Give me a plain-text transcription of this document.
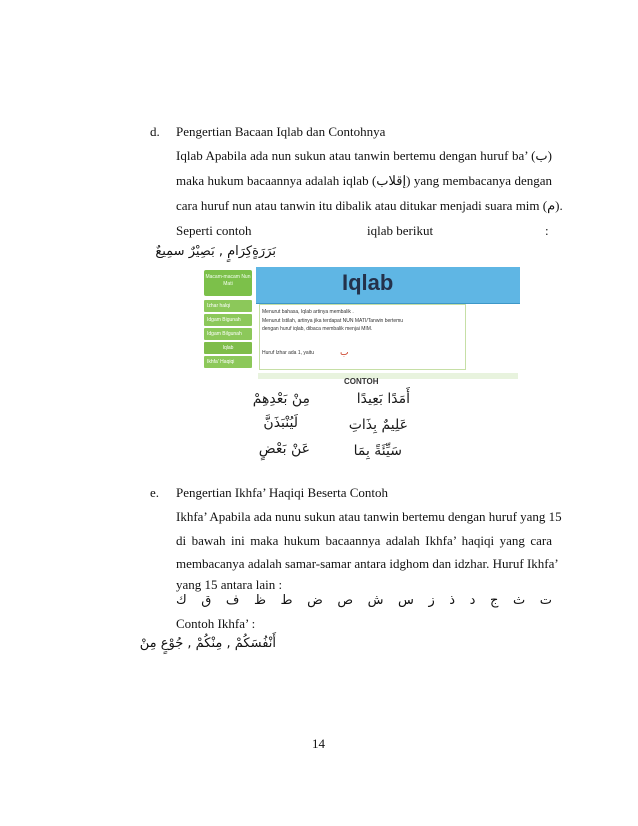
d. Pengertian Bacaan Iqlab dan Contohnya
Iqlab Apabila ada nun sukun atau tanwin bertemu dengan huruf ba’ (ب)
maka hukum bacaannya adalah iqlab (إقلاب) yang membacanya dengan
cara huruf nun atau tanwin itu dibalik atau ditukar menjadi suara mim (م).
Seperti contoh	iqlab berikut	:
بَرَرَةٍكِرَامٍ , بَصِيْرٌ سمِيعٌ
Iqlab
Macam-macam Nun Mati
Izhar halqi
Idgam Bigunah
Idgam Bilgunah
Iqlab
Ikhfa' Haqiqi
Menurut bahasa, Iqlab artinya membalik .
Menurut Istilah, artinya jika terdapat NUN MATI/Tanwin bertemu
dengan huruf iqlab, dibaca membalik menjai MIM.
Huruf Izhar ada 1, yaitu	ب
CONTOH
مِنْ بَعْدِهِمْ
لَيُنْبَذَنَّ
عَنْ بَعْضٍ
أَمَدًا بَعِيدًا
عَلِيمٌ بِذَاتِ
سَيِّئَةً بِمَا
e. Pengertian Ikhfa’ Haqiqi Beserta Contoh
Ikhfa’ Apabila ada nunu sukun atau tanwin bertemu dengan huruf yang 15
di bawah ini maka hukum bacaannya adalah Ikhfa’ haqiqi yang cara
membacanya adalah samar-samar antara idghom dan idzhar. Huruf Ikhfa’
yang 15 antara lain :
ت
ث
ج
د
ذ
ز
س
ش
ص
ض
ط
ظ
ف
ق
ك
Contoh Ikhfa’ :
أَنْفُسَكُمْ , مِنْكُمْ , جُوْعٍ مِنْ
14
